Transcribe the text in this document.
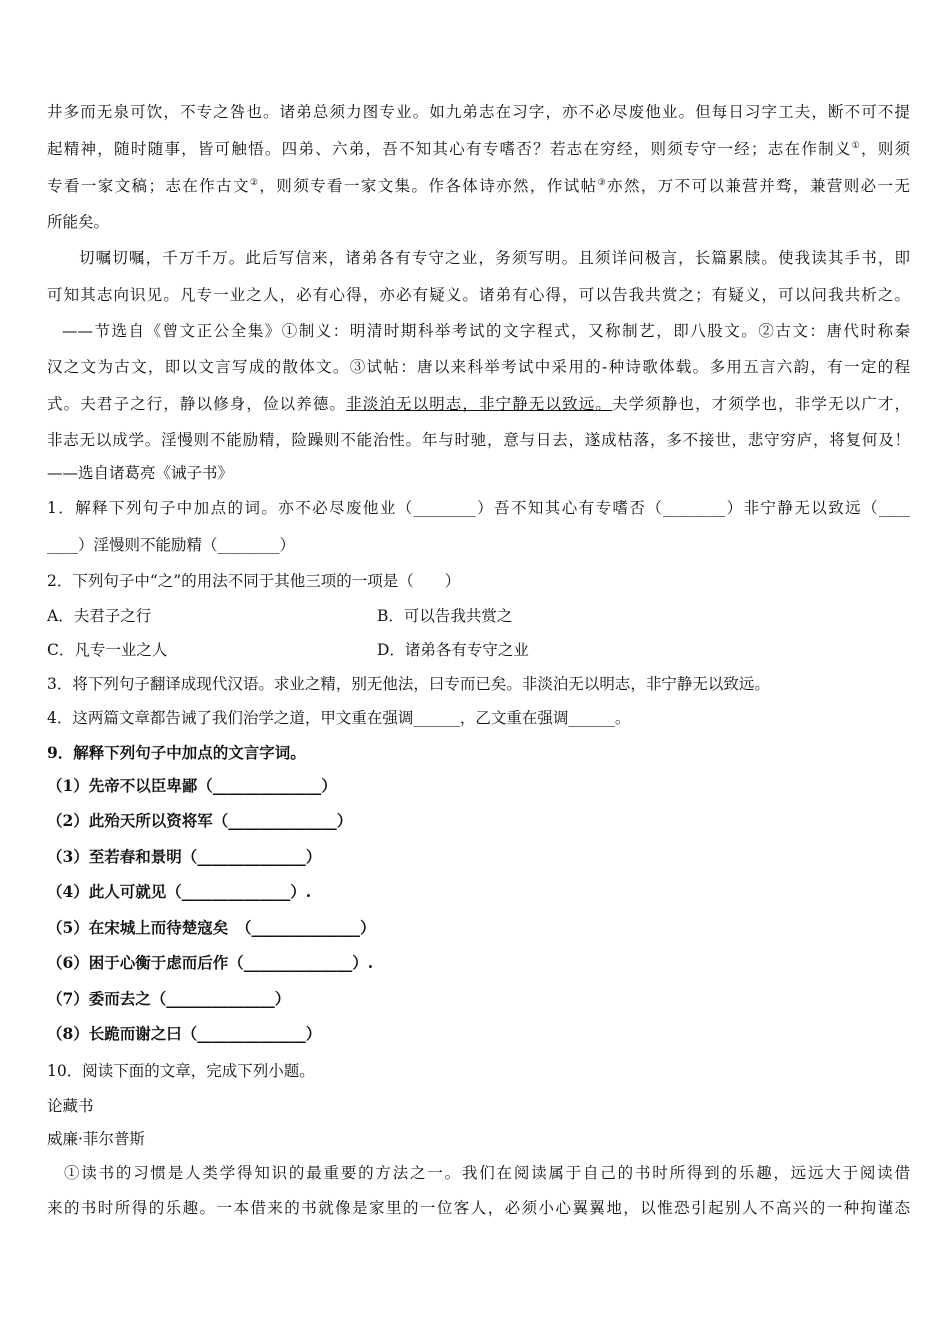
井多而无泉可饮，不专之咎也。诸弟总须力图专业。如九弟志在习字，亦不必尽废他业。但每日习字工夫，断不可不提
起精神，随时随事，皆可触悟。四弟、六弟，吾不知其心有专嗜否？若志在穷经，则须专守一经；志在作制义①，则须
专看一家文稿；志在作古文②，则须专看一家文集。作各体诗亦然，作试帖③亦然，万不可以兼营并骛，兼营则必一无
所能矣。
切嘱切嘱，千万千万。此后写信来，诸弟各有专守之业，务须写明。且须详问极言，长篇累牍。使我读其手书，即
可知其志向识见。凡专一业之人，必有心得，亦必有疑义。诸弟有心得，可以告我共赏之；有疑义，可以问我共析之。
——节选自《曾文正公全集》①制义：明清时期科举考试的文字程式，又称制艺，即八股文。②古文：唐代时称秦
汉之文为古文，即以文言写成的散体文。③试帖：唐以来科举考试中采用的-种诗歌体载。多用五言六韵，有一定的程
式。夫君子之行，静以修身，俭以养德。非淡泊无以明志，非宁静无以致远。夫学须静也，才须学也，非学无以广才，
非志无以成学。淫慢则不能励精，险躁则不能治性。年与时驰，意与日去，遂成枯落，多不接世，悲守穷庐，将复何及！
——选自诸葛亮《诫子书》
1．解释下列句子中加点的词。亦不必尽废他业（________）吾不知其心有专嗜否（________）非宁静无以致远（____
____）淫慢则不能励精（________）
2．下列句子中“之”的用法不同于其他三项的一项是（　　）
A．夫君子之行	B．可以告我共赏之
C．凡专一业之人	D．诸弟各有专守之业
3．将下列句子翻译成现代汉语。求业之精，别无他法，曰专而已矣。非淡泊无以明志，非宁静无以致远。
4．这两篇文章都告诫了我们治学之道，甲文重在强调______，乙文重在强调______。
9．解释下列句子中加点的文言字词。
（1）先帝不以臣卑鄙（______________）
（2）此殆天所以资将军（______________）
（3）至若春和景明（______________）
（4）此人可就见（______________）.
（5）在宋城上而待楚寇矣　（______________）
（6）困于心衡于虑而后作（______________）.
（7）委而去之（______________）
（8）长跪而谢之曰（______________）
10．阅读下面的文章，完成下列小题。
论藏书
威廉·菲尔普斯
①读书的习惯是人类学得知识的最重要的方法之一。我们在阅读属于自己的书时所得到的乐趣，远远大于阅读借
来的书时所得的乐趣。一本借来的书就像是家里的一位客人，必须小心翼翼地，以惟恐引起别人不高兴的一种拘谨态
